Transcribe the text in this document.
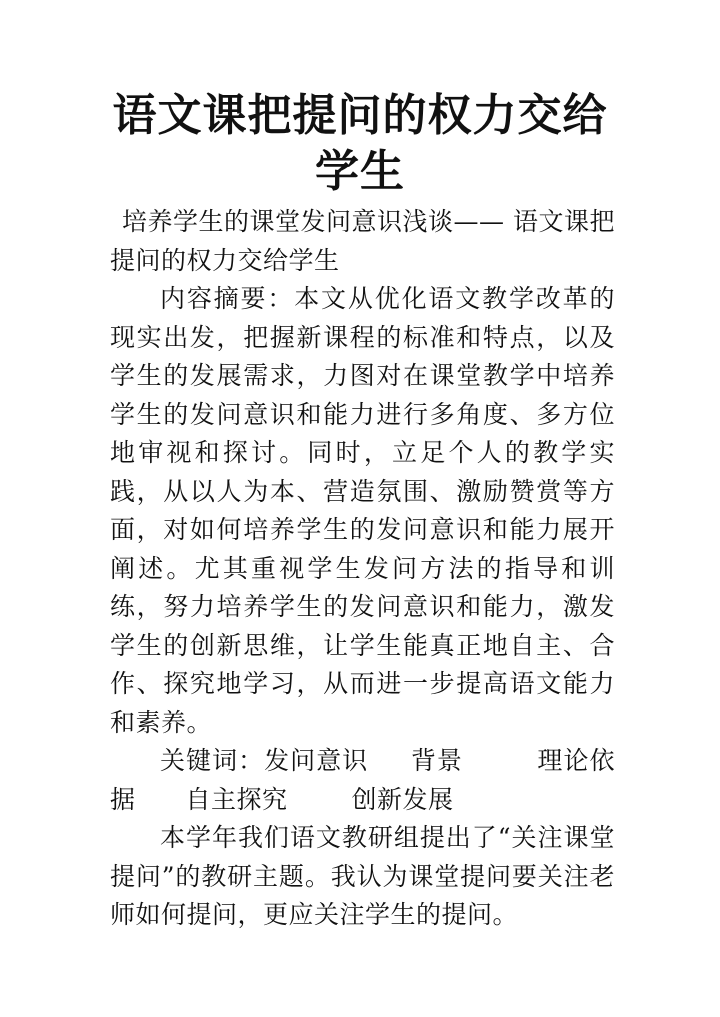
语文课把提问的权力交给学生

培养学生的课堂发问意识浅谈—— 语文课把提问的权力交给学生

内容摘要：本文从优化语文教学改革的现实出发，把握新课程的标准和特点，以及学生的发展需求，力图对在课堂教学中培养学生的发问意识和能力进行多角度、多方位地审视和探讨。同时，立足个人的教学实践，从以人为本、营造氛围、激励赞赏等方面，对如何培养学生的发问意识和能力展开阐述。尤其重视学生发问方法的指导和训练，努力培养学生的发问意识和能力，激发学生的创新思维，让学生能真正地自主、合作、探究地学习，从而进一步提高语文能力和素养。

关键词：发问意识 背景	理论依据 自主探究	创新发展

本学年我们语文教研组提出了“关注课堂提问”的教研主题。我认为课堂提问要关注老师如何提问，更应关注学生的提问。
